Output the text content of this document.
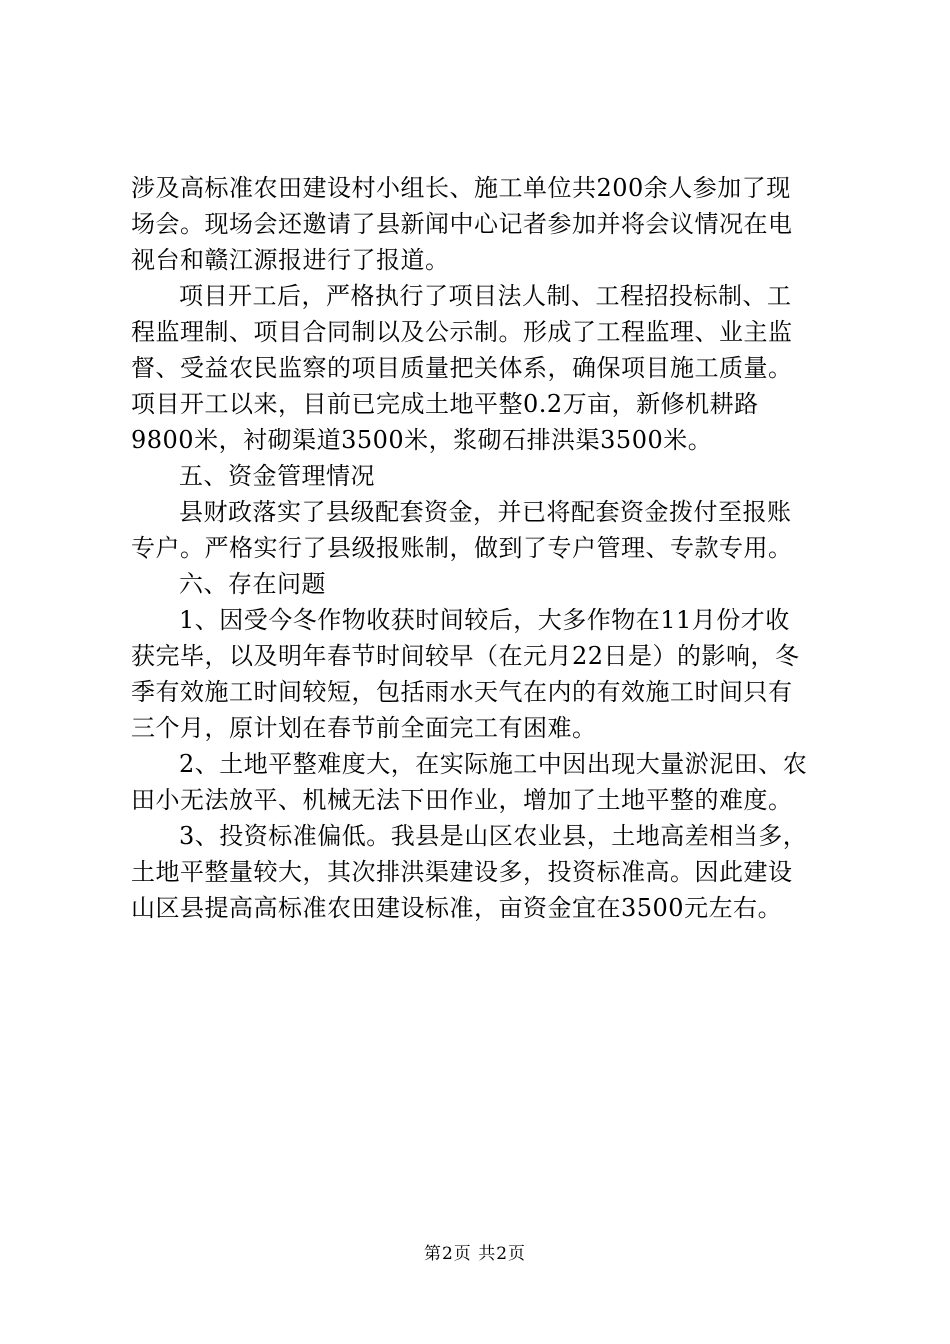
涉及高标准农田建设村小组长、施工单位共200余人参加了现
场会。现场会还邀请了县新闻中心记者参加并将会议情况在电
视台和赣江源报进行了报道。
项目开工后，严格执行了项目法人制、工程招投标制、工
程监理制、项目合同制以及公示制。形成了工程监理、业主监
督、受益农民监察的项目质量把关体系，确保项目施工质量。
项目开工以来，目前已完成土地平整0.2万亩，新修机耕路
9800米，衬砌渠道3500米，浆砌石排洪渠3500米。
五、资金管理情况
县财政落实了县级配套资金，并已将配套资金拨付至报账
专户。严格实行了县级报账制，做到了专户管理、专款专用。
六、存在问题
1、因受今冬作物收获时间较后，大多作物在11月份才收
获完毕，以及明年春节时间较早（在元月22日是）的影响，冬
季有效施工时间较短，包括雨水天气在内的有效施工时间只有
三个月，原计划在春节前全面完工有困难。
2、土地平整难度大，在实际施工中因出现大量淤泥田、农
田小无法放平、机械无法下田作业，增加了土地平整的难度。
3、投资标准偏低。我县是山区农业县，土地高差相当多，
土地平整量较大，其次排洪渠建设多，投资标准高。因此建设
山区县提高高标准农田建设标准，亩资金宜在3500元左右。
第2页 共2页
